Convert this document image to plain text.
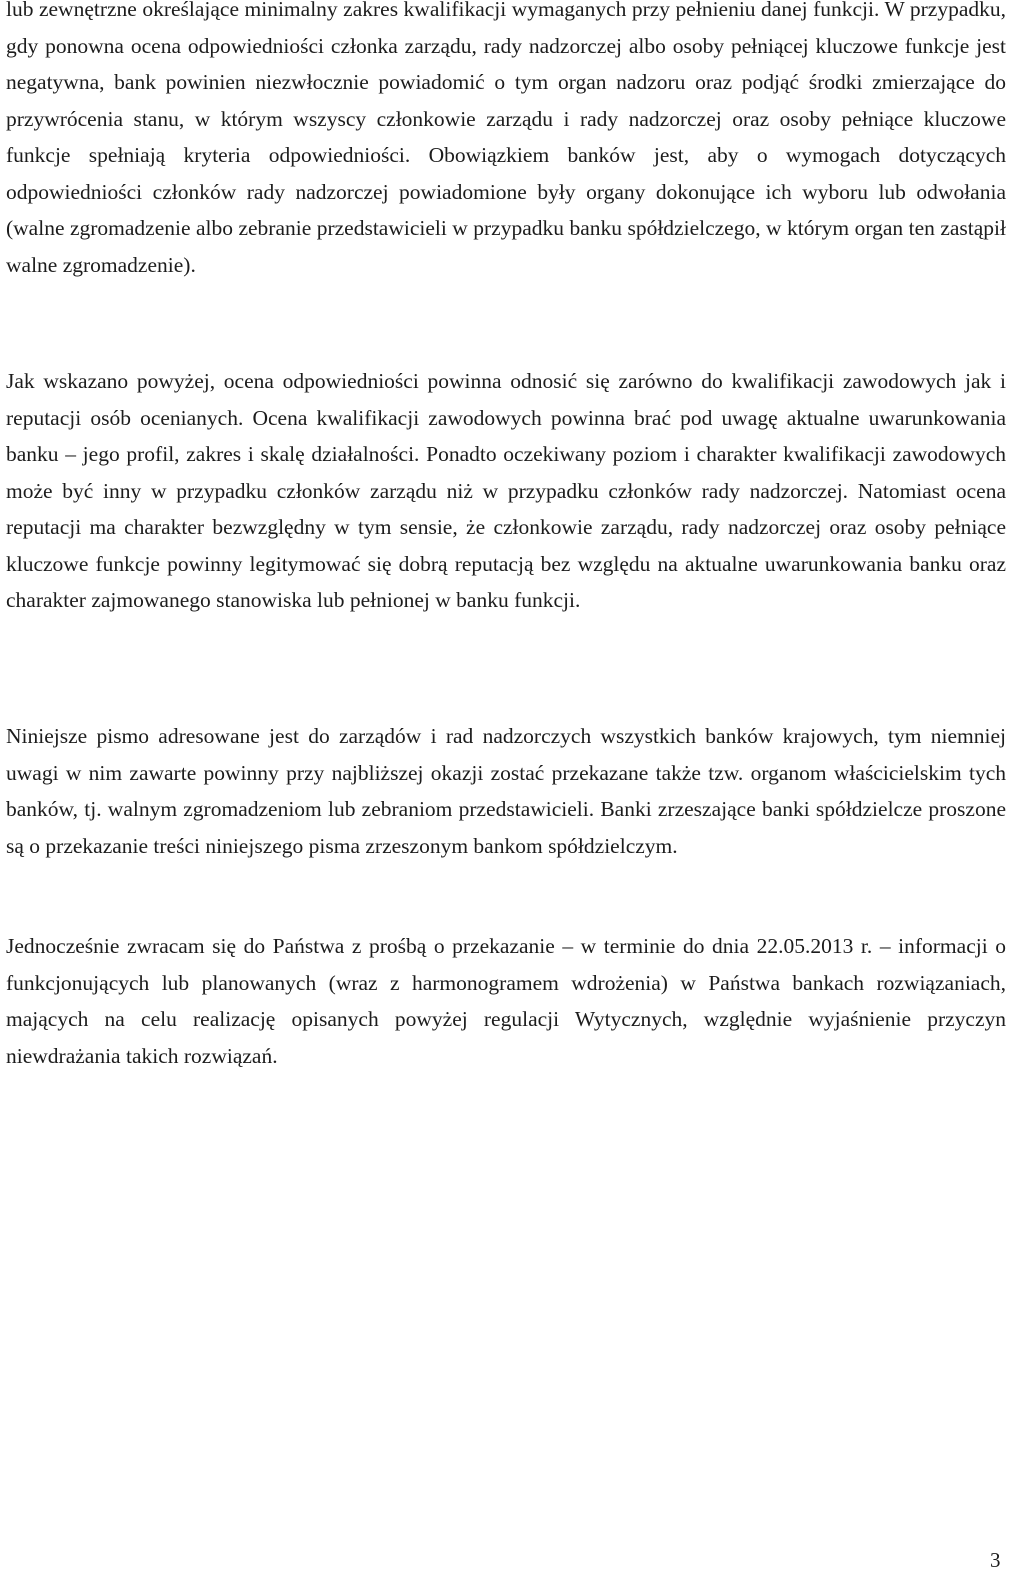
lub zewnętrzne określające minimalny zakres kwalifikacji wymaganych przy pełnieniu danej funkcji. W przypadku, gdy ponowna ocena odpowiedniości członka zarządu, rady nadzorczej albo osoby pełniącej kluczowe funkcje jest negatywna, bank powinien niezwłocznie powiadomić o tym organ nadzoru oraz podjąć środki zmierzające do przywrócenia stanu, w którym wszyscy członkowie zarządu i rady nadzorczej oraz osoby pełniące kluczowe funkcje spełniają kryteria odpowiedniości. Obowiązkiem banków jest, aby o wymogach dotyczących odpowiedniości członków rady nadzorczej powiadomione były organy dokonujące ich wyboru lub odwołania (walne zgromadzenie albo zebranie przedstawicieli w przypadku banku spółdzielczego, w którym organ ten zastąpił walne zgromadzenie).

Jak wskazano powyżej, ocena odpowiedniości powinna odnosić się zarówno do kwalifikacji zawodowych jak i reputacji osób ocenianych. Ocena kwalifikacji zawodowych powinna brać pod uwagę aktualne uwarunkowania banku – jego profil, zakres i skalę działalności. Ponadto oczekiwany poziom i charakter kwalifikacji zawodowych może być inny w przypadku członków zarządu niż w przypadku członków rady nadzorczej. Natomiast ocena reputacji ma charakter bezwzględny w tym sensie, że członkowie zarządu, rady nadzorczej oraz osoby pełniące kluczowe funkcje powinny legitymować się dobrą reputacją bez względu na aktualne uwarunkowania banku oraz charakter zajmowanego stanowiska lub pełnionej w banku funkcji.

Niniejsze pismo adresowane jest do zarządów i rad nadzorczych wszystkich banków krajowych, tym niemniej uwagi w nim zawarte powinny przy najbliższej okazji zostać przekazane także tzw. organom właścicielskim tych banków, tj. walnym zgromadzeniom lub zebraniom przedstawicieli. Banki zrzeszające banki spółdzielcze proszone są o przekazanie treści niniejszego pisma zrzeszonym bankom spółdzielczym.

Jednocześnie zwracam się do Państwa z prośbą o przekazanie – w terminie do dnia 22.05.2013 r. – informacji o funkcjonujących lub planowanych (wraz z harmonogramem wdrożenia) w Państwa bankach rozwiązaniach, mających na celu realizację opisanych powyżej regulacji Wytycznych, względnie wyjaśnienie przyczyn niewdrażania takich rozwiązań.

3
